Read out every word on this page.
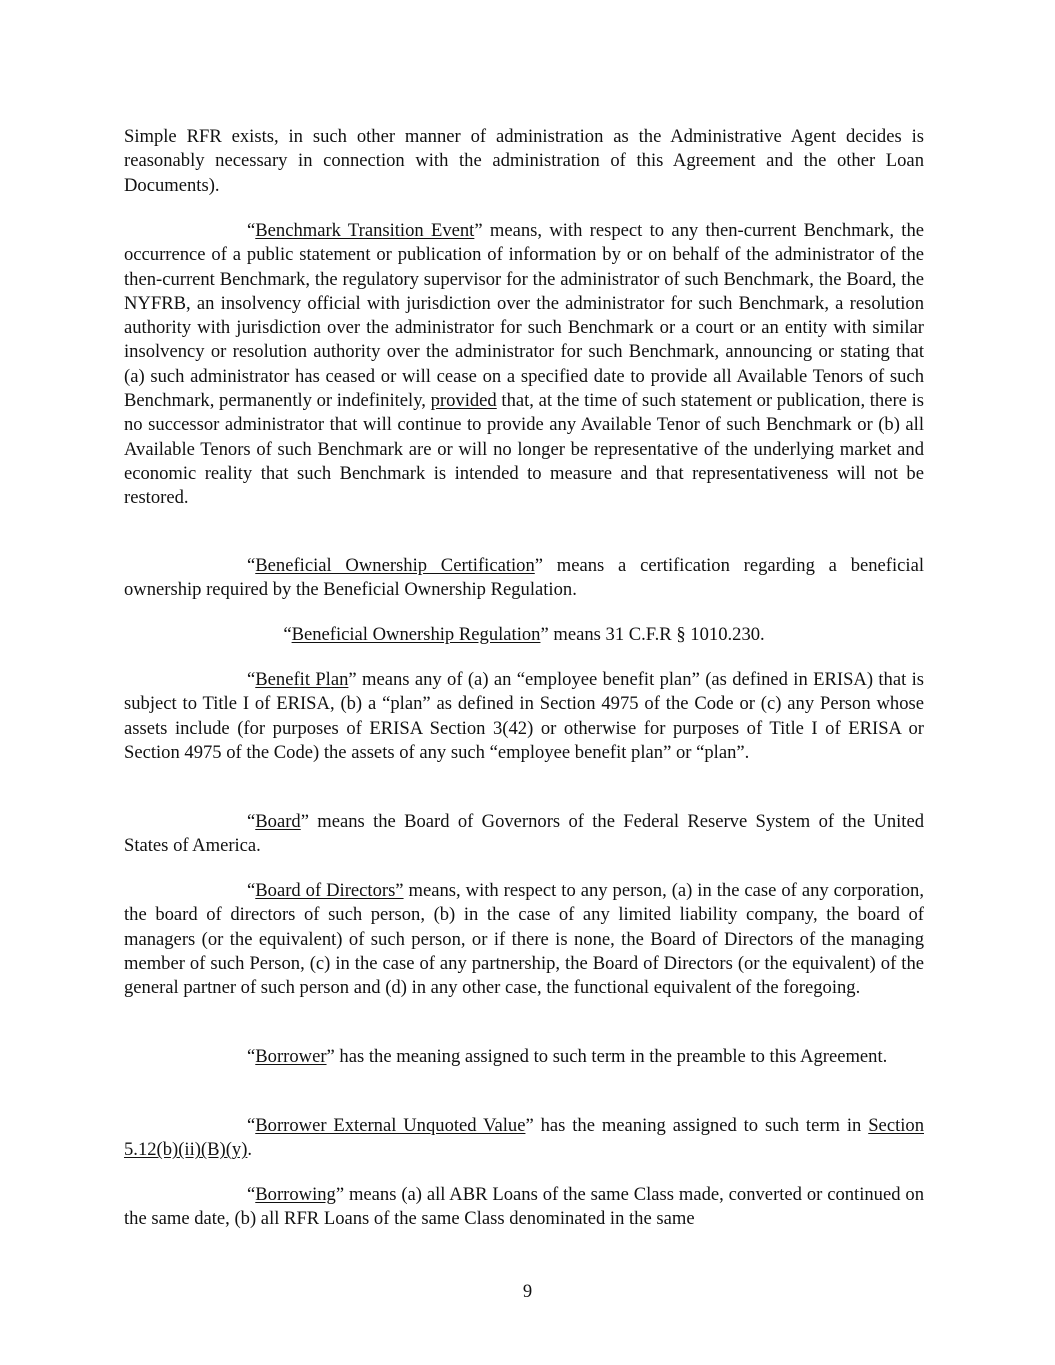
Simple RFR exists, in such other manner of administration as the Administrative Agent decides is reasonably necessary in connection with the administration of this Agreement and the other Loan Documents).

“Benchmark Transition Event” means, with respect to any then-current Benchmark, the occurrence of a public statement or publication of information by or on behalf of the administrator of the then-current Benchmark, the regulatory supervisor for the administrator of such Benchmark, the Board, the NYFRB, an insolvency official with jurisdiction over the administrator for such Benchmark, a resolution authority with jurisdiction over the administrator for such Benchmark or a court or an entity with similar insolvency or resolution authority over the administrator for such Benchmark, announcing or stating that (a) such administrator has ceased or will cease on a specified date to provide all Available Tenors of such Benchmark, permanently or indefinitely, provided that, at the time of such statement or publication, there is no successor administrator that will continue to provide any Available Tenor of such Benchmark or (b) all Available Tenors of such Benchmark are or will no longer be representative of the underlying market and economic reality that such Benchmark is intended to measure and that representativeness will not be restored.

“Beneficial Ownership Certification” means a certification regarding a beneficial ownership required by the Beneficial Ownership Regulation.

“Beneficial Ownership Regulation” means 31 C.F.R § 1010.230.

“Benefit Plan” means any of (a) an “employee benefit plan” (as defined in ERISA) that is subject to Title I of ERISA, (b) a “plan” as defined in Section 4975 of the Code or (c) any Person whose assets include (for purposes of ERISA Section 3(42) or otherwise for purposes of Title I of ERISA or Section 4975 of the Code) the assets of any such “employee benefit plan” or “plan”.

“Board” means the Board of Governors of the Federal Reserve System of the United States of America.

“Board of Directors” means, with respect to any person, (a) in the case of any corporation, the board of directors of such person, (b) in the case of any limited liability company, the board of managers (or the equivalent) of such person, or if there is none, the Board of Directors of the managing member of such Person, (c) in the case of any partnership, the Board of Directors (or the equivalent) of the general partner of such person and (d) in any other case, the functional equivalent of the foregoing.

“Borrower” has the meaning assigned to such term in the preamble to this Agreement.

“Borrower External Unquoted Value” has the meaning assigned to such term in Section 5.12(b)(ii)(B)(y).

“Borrowing” means (a) all ABR Loans of the same Class made, converted or continued on the same date, (b) all RFR Loans of the same Class denominated in the same

9
